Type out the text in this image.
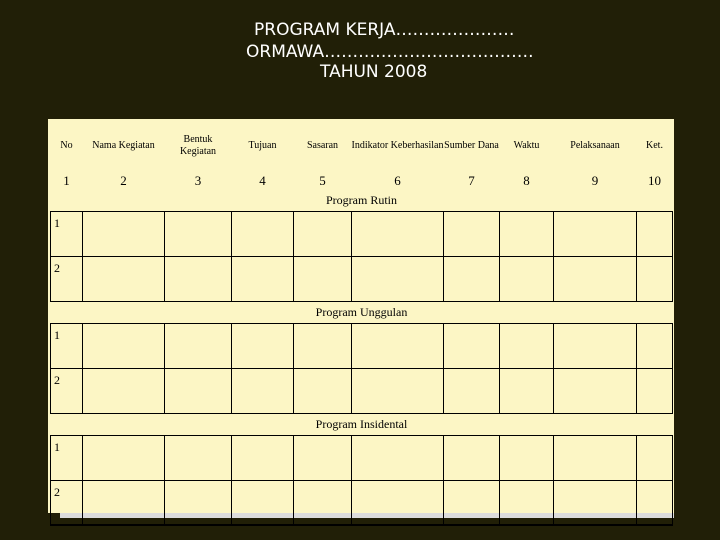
PROGRAM KERJA…………………

ORMAWA……………………………….

TAHUN 2008

No	Nama Kegiatan	Bentuk Kegiatan	Tujuan	Sasaran	Indikator Keberhasilan	Sumber Dana	Waktu	Pelaksanaan	Ket.
1	2	3	4	5	6	7	8	9	10
Program Rutin									
1									
2									
Program Unggulan									
1									
2									
Program Insidental									
1									
2									
